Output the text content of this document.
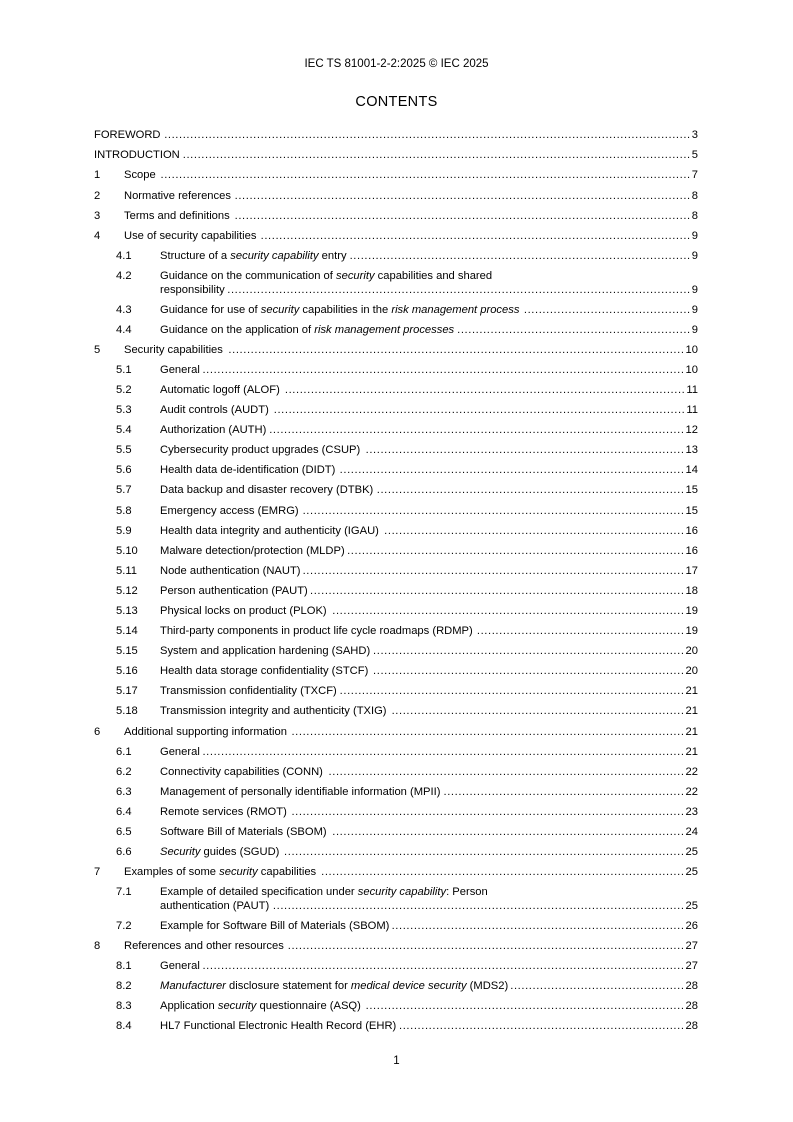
IEC TS 81001-2-2:2025 © IEC 2025
CONTENTS
FOREWORD .............................................................................................................................................. 3
INTRODUCTION ......................................................................................................................................... 5
1 Scope ............................................................................................................................................... 7
2 Normative references ........................................................................................................................... 8
3 Terms and definitions ........................................................................................................................... 8
4 Use of security capabilities .................................................................................................................... 9
4.1	Structure of a security capability entry ............................................................................................ 9
4.2	Guidance on the communication of security capabilities and shared
responsibility ............................................................................................................................. 9
4.3	Guidance for use of security capabilities in the risk management process ............................................. 9
4.4	Guidance on the application of risk management processes ............................................................... 9
5 Security capabilities ........................................................................................................................... 10
5.1	General .................................................................................................................................. 10
5.2	Automatic logoff (ALOF) ............................................................................................................ 11
5.3	Audit controls (AUDT) ............................................................................................................... 11
5.4	Authorization (AUTH) ................................................................................................................ 12
5.5	Cybersecurity product upgrades (CSUP) ...................................................................................... 13
5.6	Health data de-identification (DIDT) ............................................................................................. 14
5.7	Data backup and disaster recovery (DTBK) ................................................................................... 15
5.8	Emergency access (EMRG) ....................................................................................................... 15
5.9	Health data integrity and authenticity (IGAU) ................................................................................. 16
5.10 Malware detection/protection (MLDP) ........................................................................................... 16
5.11 Node authentication (NAUT) ....................................................................................................... 17
5.12 Person authentication (PAUT) ..................................................................................................... 18
5.13 Physical locks on product (PLOK) ............................................................................................... 19
5.14 Third-party components in product life cycle roadmaps (RDMP) ........................................................ 19
5.15 System and application hardening (SAHD) .................................................................................... 20
5.16 Health data storage confidentiality (STCF) .................................................................................... 20
5.17 Transmission confidentiality (TXCF) ............................................................................................. 21
5.18 Transmission integrity and authenticity (TXIG) ............................................................................... 21
6 Additional supporting information .......................................................................................................... 21
6.1	General .................................................................................................................................. 21
6.2	Connectivity capabilities (CONN) ................................................................................................ 22
6.3	Management of personally identifiable information (MPII) ................................................................. 22
6.4	Remote services (RMOT) .......................................................................................................... 23
6.5	Software Bill of Materials (SBOM) ............................................................................................... 24
6.6	Security guides (SGUD) ............................................................................................................ 25
7 Examples of some security capabilities .................................................................................................. 25
7.1	Example of detailed specification under security capability: Person
authentication (PAUT) ............................................................................................................... 25
7.2	Example for Software Bill of Materials (SBOM) ............................................................................... 26
8 References and other resources ........................................................................................................... 27
8.1	General .................................................................................................................................. 27
8.2	Manufacturer disclosure statement for medical device security (MDS2) ............................................... 28
8.3	Application security questionnaire (ASQ) ...................................................................................... 28
8.4	HL7 Functional Electronic Health Record (EHR) ............................................................................. 28
1
